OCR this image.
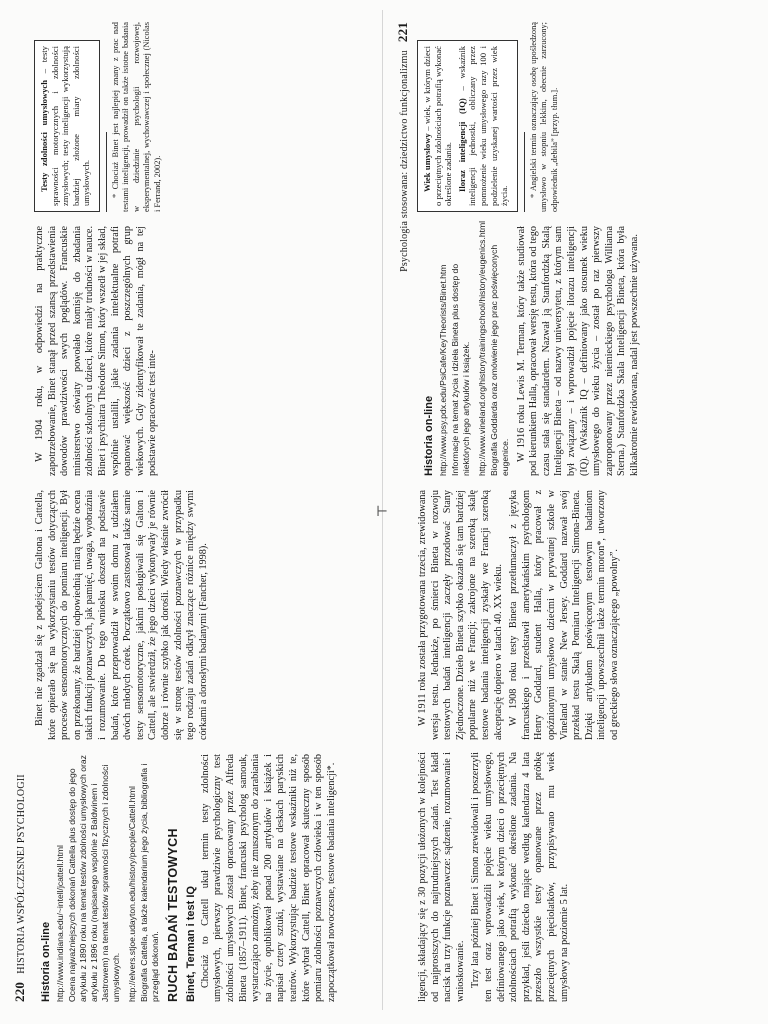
⊢
220   HISTORIA WSPÓŁCZESNEJ PSYCHOLOGII Historia on-line http://www.indiana.edu/~intell/jcattell.html Ocena najważniejszych dokonań Cattella plus dostęp do jego artykułu z 1890 roku na temat testów zdolności umysłowych oraz artykułu z 1896 roku (napisanego wspólnie z Baldwinem i Jastrowem) na temat testów sprawności fizycznych i zdolności umysłowych. http://elvers.stjoe.udayton.edu/history/people/Cattell.html Biografia Cattella, a także kalendarium jego życia, bibliografia i przegląd dokonań. RUCH BADAŃ TESTOWYCH Binet, Terman i test IQ Chociaż to Cattell ukuł termin testy zdolności umysłowych, pierwszy prawdziwie psychologiczny test zdolności umysłowych został opracowany przez Alfreda Bineta (1857–1911). Binet, francuski psycholog samouk, wystarczająco zamożny, żeby nie zmuszonym do zarabiania na życie, opublikował ponad 200 artykułów i książek i napisał cztery sztuki, wystawiane na deskach paryskich teatrów. Wykorzystując badzież testowe wskaźniki niż te, które wybrał Cattell, Binet opracował skuteczny sposób pomiaru zdolności poznawczych człowieka i w ten sposób zapoczątkował nowoczesne, testowe badania inteligencji*.

Binet nie zgadzał się z podejściem Galtona i Cattella, które opierało się na wykorzystaniu testów dotyczących procesów sensomotorycznych do pomiaru inteligencji. Był on przekonany, że bardziej odpowiednią miarą będzie ocena takich funkcji poznawczych, jak pamięć, uwaga, wyobraźnia i rozumowanie. Do tego wniosku doszedł na podstawie badań, które przeprowadził w swoim domu z udziałem dwóch młodych córek. Początkowo zastosował także sarnie testy sensomotoryczne, jakimi posługiwali się Galton i Cattell, ale stwierdził, że jego dzieci wykonywały je równie dobrze i równie szybko jak dorośli. Wiedy właśnie zwrócił się w stronę testów zdolności poznawczych w przypadku tego rodzaju zadań odkrył znaczące różnice między swymi córkami a dorosłymi badanymi (Fancher, 1998).

W 1904 roku, w odpowiedzi na praktyczne zapotrzebowanie, Binet stanął przed szansą przedstawienia dowodów prawdziwości swych poglądów. Francuskie ministerstwo oświaty powołało komisję do zbadania zdolności szkolnych u dzieci, które miały trudności w nauce. Binet i psychiatra Théodore Simon, który wszedł w jej skład, wspólnie ustalili, jakie zadania intelektualne potrafi opanować większość dzieci z poszczególnych grup wiekowych. Gdy zidentyfikował te zadania, mógł na tej podstawie opracować test inte-

Testy zdolności umysłowych – testy sprawności motorycznych i zdolności zmysłowych; testy inteligencji wykorzystują bardziej złożone miary zdolności umysłowych. * Chociaż Binet jest najlepiej znany z prac nad testami inteligencji, prowadził on także istotne badania w dziedzinie psychologii rozwojowej, eksperymentalnej, wychowawczej i społecznej (Nicolas i Ferrand, 2002).	Psychologia stosowana: dziedzictwo funkcjonalizmu   221

ligencji, składający się z 30 pozycji ułożonych w kolejności od najprostszych do najtrudniejszych zadań. Test kładł nacisk na trzy funkcje poznawcze: sądzenie, rozumowanie i wnioskowanie. Trzy lata później Binet i Simon zrewidowali i poszerzyli ten test oraz wprowadzili pojęcie wieku umysłowego, definiowanego jako wiek, w którym dzieci o przeciętnych zdolnościach potrafią wykonać określone zadania. Na przykład, jeśli dziecko mające według kalendarza 4 lata przeszło wszystkie testy opanowane przez próbkę przeciętnych pięciolatków, przypisywano mu wiek umysłowy na poziomie 5 lat.

W 1911 roku została przygotowana trzecia, zrewidowana wersja testu. Jednakże, po śmierci Bineta w rozwoju testowych badań inteligencji zaczęły przodować Stany Zjednoczone. Dzieło Bineta szybko okazało się tam bardziej popularne niż we Francji; zakrojone na szeroką skalę testowe badania inteligencji zyskały we Francji szeroką akceptację dopiero w latach 40. XX wieku. W 1908 roku testy Bineta przetłumaczył z języka francuskiego i przedstawił amerykańskim psychologom Henry Goddard, student Halla, który pracował z opóźnionymi umysłowo dziećmi w prywatnej szkole w Vineland w stanie New Jersey. Goddard nazwał swój przekład testu Skalą Pomiaru Inteligencji Simona-Bineta. Dzięki artykułom poświęconym testowym badaniom inteligencji upowszechnił także termin moron*, utworzony od greckiego słowa oznaczającego „powolny”.

Historia on-line http://www.psy.pdx.edu/PsiCafe/KeyTheorists/Binet.htm Informacje na temat życia i dzieła Bineta plus dostęp do niektórych jego artykułów i książek. http://www.vineland.org/history/trainingschool/history/eugenics.html Biografia Goddarda oraz omówienie jego prac poświęconych eugenice. W 1916 roku Lewis M. Terman, który także studiował pod kierunkiem Halla, opracował wersję testu, która od tego czasu stała się standardem. Nazwał ją Stanfordzką Skalą Inteligencji Bineta – od nazwy uniwersytetu, z którym sam był związany – i wprowadził pojęcie ilorazu inteligencji (IQ). (Wskaźnik IQ – definiowany jako stosunek wieku umysłowego do wieku życia – został po raz pierwszy zaproponowany przez niemieckiego psychologa Williama Sterna.) Stanfordzka Skala Inteligencji Bineta, która była kilkakrotnie rewidowana, nadal jest powszechnie używana.

Wiek umysłowy – wiek, w którym dzieci o przeciętnych zdolnościach potrafią wykonać określone zadania. Iloraz inteligencji (IQ) – wskaźnik inteligencji jednostki, obliczany przez pomnożenie wieku umysłowego razy 100 i podzielenie uzyskanej wartości przez wiek życia. * Angielski termin oznaczający osobę upośledzoną umysłowo w stopniu lekkim, obecnie zarzucony; odpowiednik „debila” [przyp. tłum.].
